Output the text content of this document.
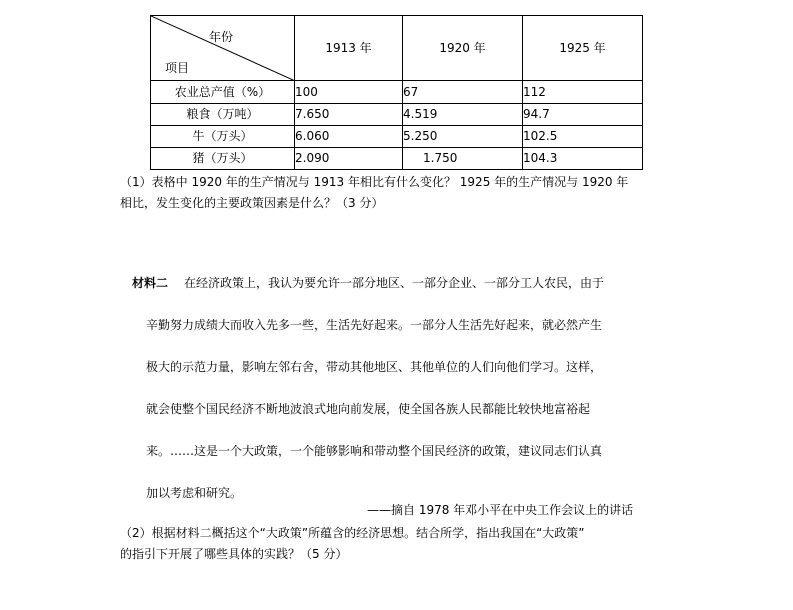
年份
项目	1913 年	1920 年	1925 年
农业总产值（%）	100	67	112
粮食（万吨）	7.650	4.519	94.7
牛（万头）	6.060	5.250	102.5
猪（万头）	2.090	1.750	104.3
（1）表格中 1920 年的生产情况与 1913 年相比有什么变化？ 1925 年的生产情况与 1920 年
相比，发生变化的主要政策因素是什么？（3 分）
材料二 在经济政策上，我认为要允许一部分地区、一部分企业、一部分工人农民，由于
辛勤努力成绩大而收入先多一些，生活先好起来。一部分人生活先好起来，就必然产生
极大的示范力量，影响左邻右舍，带动其他地区、其他单位的人们向他们学习。这样，
就会使整个国民经济不断地波浪式地向前发展，使全国各族人民都能比较快地富裕起
来。……这是一个大政策，一个能够影响和带动整个国民经济的政策，建议同志们认真
加以考虑和研究。
——摘自 1978 年邓小平在中央工作会议上的讲话
（2）根据材料二概括这个“大政策”所蕴含的经济思想。结合所学，指出我国在“大政策”
的指引下开展了哪些具体的实践？（5 分）
